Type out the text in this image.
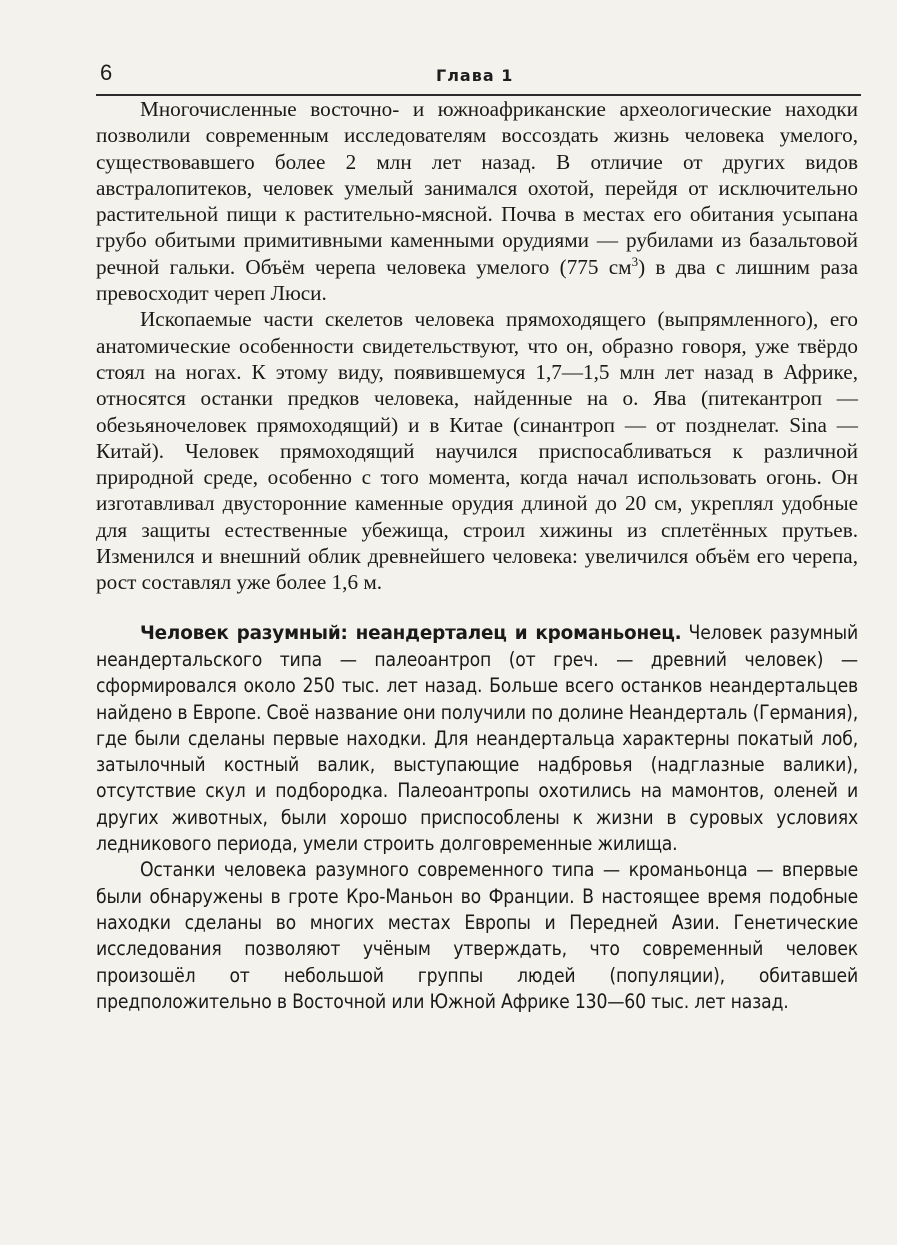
6	Глава 1

Многочисленные восточно- и южноафриканские археологические находки позволили современным исследователям воссоздать жизнь человека умелого, существовавшего более 2 млн лет назад. В отличие от других видов австралопитеков, человек умелый занимался охотой, перейдя от исключительно растительной пищи к растительно-мясной. Почва в местах его обитания усыпана грубо обитыми примитивными каменными орудиями — рубилами из базальтовой речной гальки. Объём черепа человека умелого (775 $см^3$) в два с лишним раза превосходит череп Люси.

Ископаемые части скелетов человека прямоходящего (выпрямленного), его анатомические особенности свидетельствуют, что он, образно говоря, уже твёрдо стоял на ногах. К этому виду, появившемуся 1,7—1,5 млн лет назад в Африке, относятся останки предков человека, найденные на о. Ява (питекантроп — обезьяночеловек прямоходящий) и в Китае (синантроп — от позднелат. Sina — Китай). Человек прямоходящий научился приспосабливаться к различной природной среде, особенно с того момента, когда начал использовать огонь. Он изготавливал двусторонние каменные орудия длиной до 20 см, укреплял удобные для защиты естественные убежища, строил хижины из сплетённых прутьев. Изменился и внешний облик древнейшего человека: увеличился объём его черепа, рост составлял уже более 1,6 м.

Человек разумный: неандерталец и кроманьонец. Человек разумный неандертальского типа — палеоантроп (от греч. — древний человек) — сформировался около 250 тыс. лет назад. Больше всего останков неандертальцев найдено в Европе. Своё название они получили по долине Неандерталь (Германия), где были сделаны первые находки. Для неандертальца характерны покатый лоб, затылочный костный валик, выступающие надбровья (надглазные валики), отсутствие скул и подбородка. Палеоантропы охотились на мамонтов, оленей и других животных, были хорошо приспособлены к жизни в суровых условиях ледникового периода, умели строить долговременные жилища.

Останки человека разумного современного типа — кроманьонца — впервые были обнаружены в гроте Кро-Маньон во Франции. В настоящее время подобные находки сделаны во многих местах Европы и Передней Азии. Генетические исследования позволяют учёным утверждать, что современный человек произошёл от небольшой группы людей (популяции), обитавшей предположительно в Восточной или Южной Африке 130—60 тыс. лет назад.
